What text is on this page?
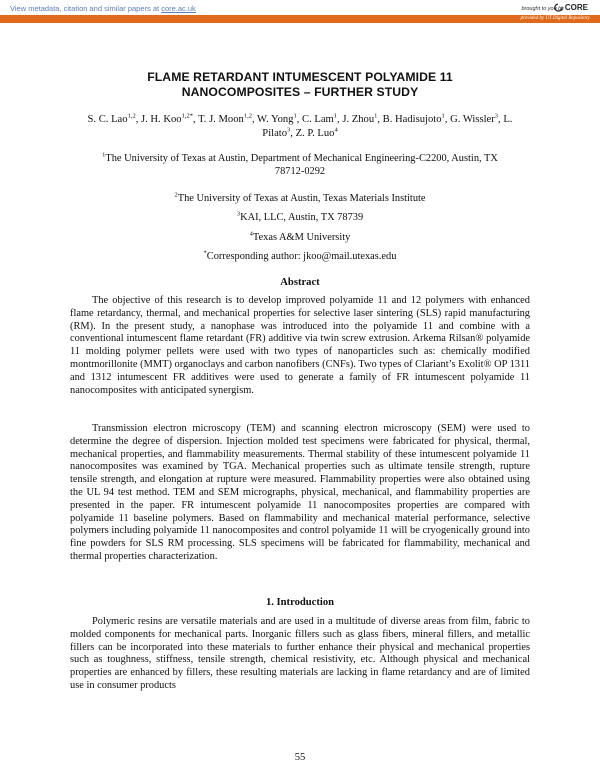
View metadata, citation and similar papers at core.ac.uk	brought to you by CORE
provided by UT Digital Repository
FLAME RETARDANT INTUMESCENT POLYAMIDE 11
NANOCOMPOSITES – FURTHER STUDY
S. C. Lao$^{1,2}$, J. H. Koo$^{1,2*}$, T. J. Moon$^{1,2}$, W. Yong$^1$, C. Lam$^1$, J. Zhou$^1$, B. Hadisujoto$^1$, G. Wissler$^3$, L. Pilato$^3$, Z. P. Luo$^4$
$^1$The University of Texas at Austin, Department of Mechanical Engineering-C2200, Austin, TX
78712-0292
$^2$The University of Texas at Austin, Texas Materials Institute
$^3$KAI, LLC, Austin, TX 78739
$^4$Texas A&M University
*Corresponding author: jkoo@mail.utexas.edu
Abstract
The objective of this research is to develop improved polyamide 11 and 12 polymers with enhanced flame retardancy, thermal, and mechanical properties for selective laser sintering (SLS) rapid manufacturing (RM). In the present study, a nanophase was introduced into the polyamide 11 and combine with a conventional intumescent flame retardant (FR) additive via twin screw extrusion. Arkema Rilsan® polyamide 11 molding polymer pellets were used with two types of nanoparticles such as: chemically modified montmorillonite (MMT) organoclays and carbon nanofibers (CNFs). Two types of Clariant’s Exolit® OP 1311 and 1312 intumescent FR additives were used to generate a family of FR intumescent polyamide 11 nanocomposites with anticipated synergism.
Transmission electron microscopy (TEM) and scanning electron microscopy (SEM) were used to determine the degree of dispersion. Injection molded test specimens were fabricated for physical, thermal, mechanical properties, and flammability measurements. Thermal stability of these intumescent polyamide 11 nanocomposites was examined by TGA. Mechanical properties such as ultimate tensile strength, rupture tensile strength, and elongation at rupture were measured. Flammability properties were also obtained using the UL 94 test method. TEM and SEM micrographs, physical, mechanical, and flammability properties are presented in the paper. FR intumescent polyamide 11 nanocomposites properties are compared with polyamide 11 baseline polymers. Based on flammability and mechanical material performance, selective polymers including polyamide 11 nanocomposites and control polyamide 11 will be cryogenically ground into fine powders for SLS RM processing. SLS specimens will be fabricated for flammability, mechanical and thermal properties characterization.
1. Introduction
Polymeric resins are versatile materials and are used in a multitude of diverse areas from film, fabric to molded components for mechanical parts. Inorganic fillers such as glass fibers, mineral fillers, and metallic fillers can be incorporated into these materials to further enhance their physical and mechanical properties such as toughness, stiffness, tensile strength, chemical resistivity, etc. Although physical and mechanical properties are enhanced by fillers, these resulting materials are lacking in flame retardancy and are of limited use in consumer products
55
